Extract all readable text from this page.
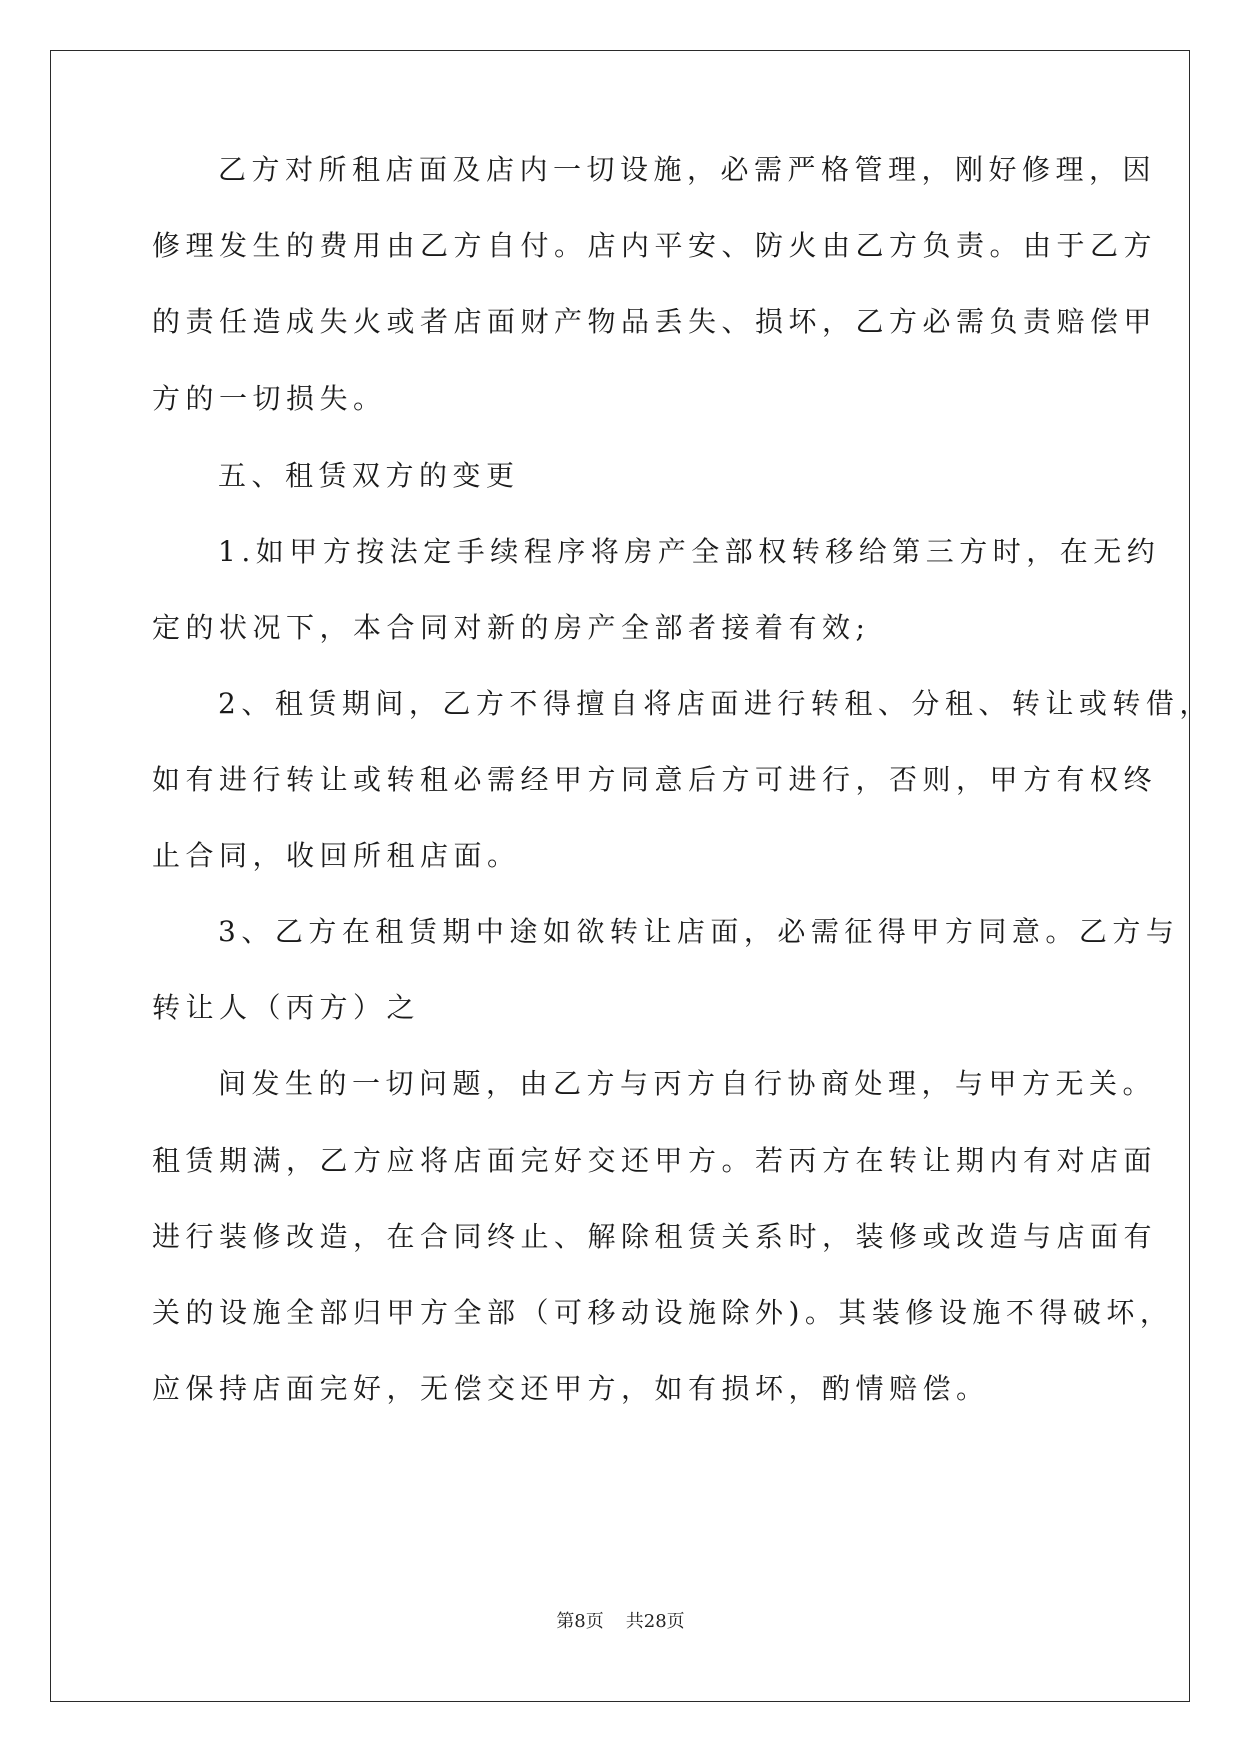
乙方对所租店面及店内一切设施，必需严格管理，刚好修理，因

修理发生的费用由乙方自付。店内平安、防火由乙方负责。由于乙方

的责任造成失火或者店面财产物品丢失、损坏，乙方必需负责赔偿甲

方的一切损失。

五、租赁双方的变更

1.如甲方按法定手续程序将房产全部权转移给第三方时，在无约

定的状况下，本合同对新的房产全部者接着有效;

2、租赁期间，乙方不得擅自将店面进行转租、分租、转让或转借，

如有进行转让或转租必需经甲方同意后方可进行，否则，甲方有权终

止合同，收回所租店面。

3、乙方在租赁期中途如欲转让店面，必需征得甲方同意。乙方与

转让人（丙方）之

间发生的一切问题，由乙方与丙方自行协商处理，与甲方无关。

租赁期满，乙方应将店面完好交还甲方。若丙方在转让期内有对店面

进行装修改造，在合同终止、解除租赁关系时，装修或改造与店面有

关的设施全部归甲方全部（可移动设施除外)。其装修设施不得破坏，

应保持店面完好，无偿交还甲方，如有损坏，酌情赔偿。

第8页 共28页
